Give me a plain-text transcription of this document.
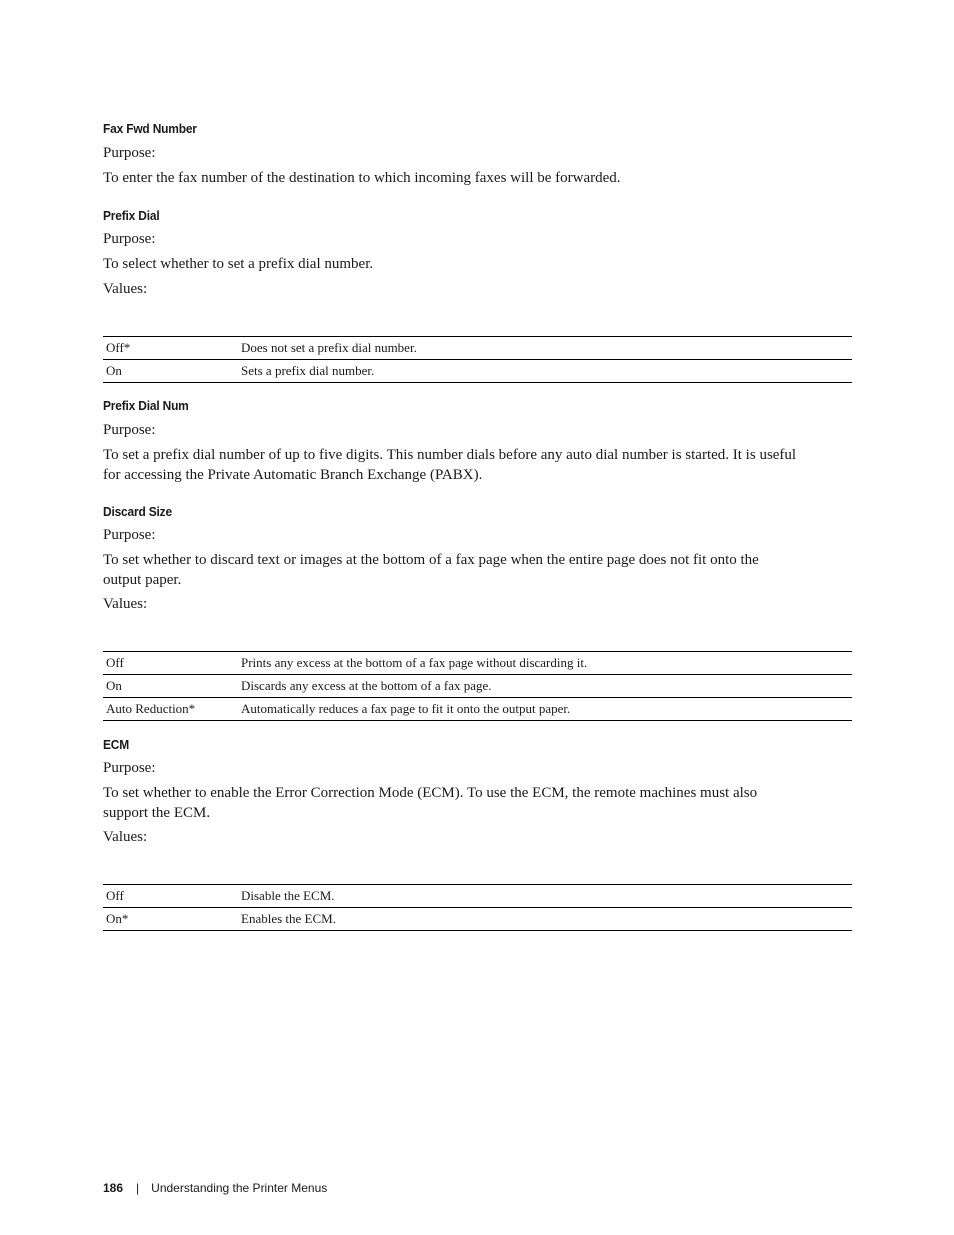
Fax Fwd Number
Purpose:
To enter the fax number of the destination to which incoming faxes will be forwarded.
Prefix Dial
Purpose:
To select whether to set a prefix dial number.
Values:
Off*	Does not set a prefix dial number.
On	Sets a prefix dial number.
Prefix Dial Num
Purpose:
To set a prefix dial number of up to five digits. This number dials before any auto dial number is started. It is useful
for accessing the Private Automatic Branch Exchange (PABX).
Discard Size
Purpose:
To set whether to discard text or images at the bottom of a fax page when the entire page does not fit onto the
output paper.
Values:
Off	Prints any excess at the bottom of a fax page without discarding it.
On	Discards any excess at the bottom of a fax page.
Auto Reduction*	Automatically reduces a fax page to fit it onto the output paper.
ECM
Purpose:
To set whether to enable the Error Correction Mode (ECM). To use the ECM, the remote machines must also
support the ECM.
Values:
Off	Disable the ECM.
On*	Enables the ECM.
186 | Understanding the Printer Menus
